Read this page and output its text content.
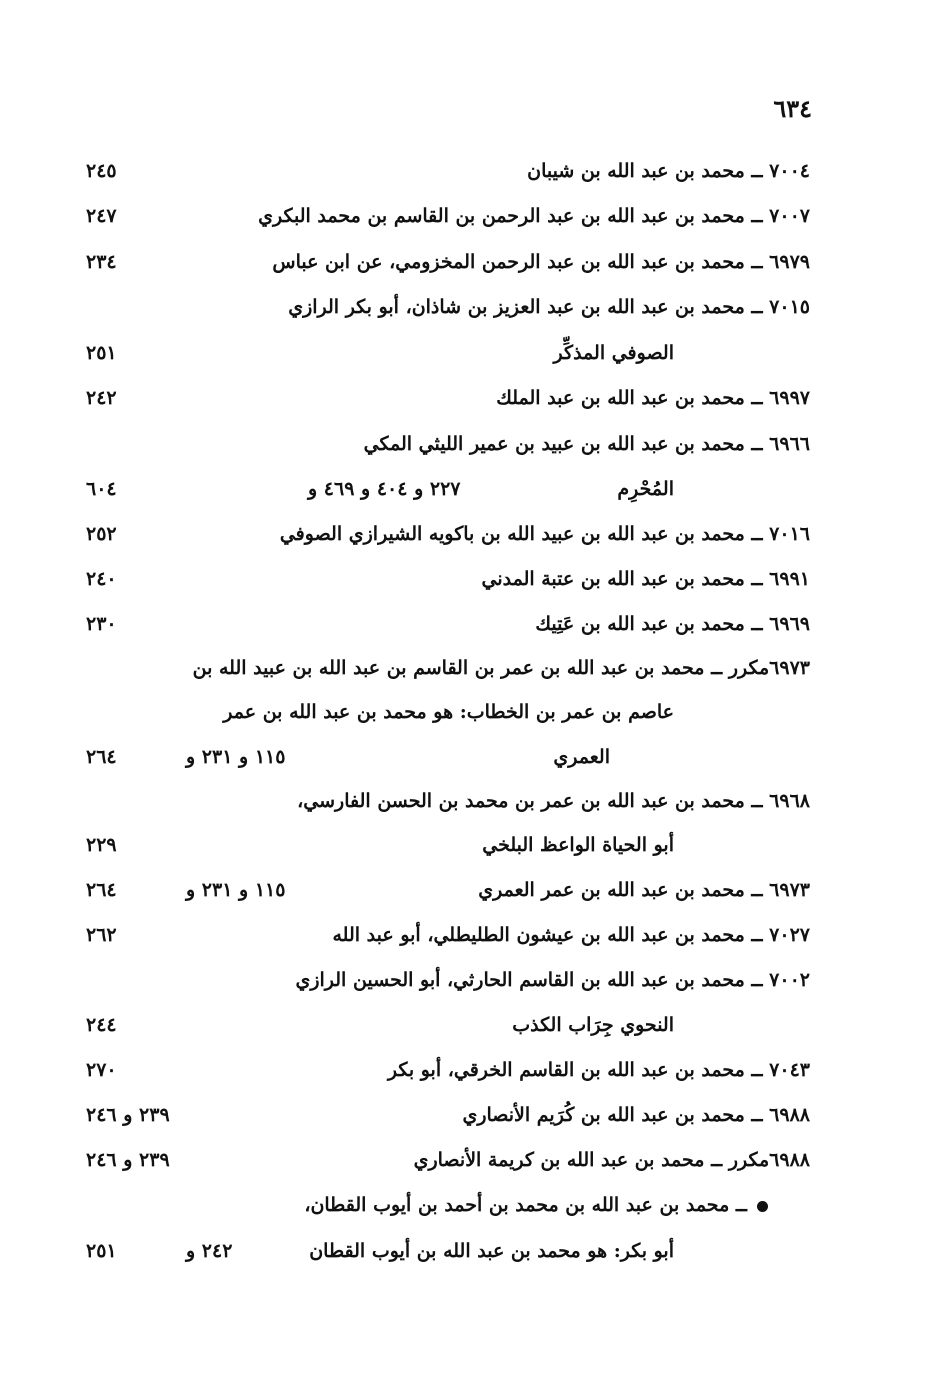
٦٣٤
٧٠٠٤ ــ محمد بن عبد الله بن شيبان
٢٤٥
٧٠٠٧ ــ محمد بن عبد الله بن عبد الرحمن بن القاسم بن محمد البكري
٢٤٧
٦٩٧٩ ــ محمد بن عبد الله بن عبد الرحمن المخزومي، عن ابن عباس
٢٣٤
٧٠١٥ ــ محمد بن عبد الله بن عبد العزيز بن شاذان، أبو بكر الرازي
الصوفي المذكِّر
٢٥١
٦٩٩٧ ــ محمد بن عبد الله بن عبد الملك
٢٤٢
٦٩٦٦ ــ محمد بن عبد الله بن عبيد بن عمير الليثي المكي
المُحْرِم
٢٢٧ و ٤٠٤ و ٤٦٩ و
٦٠٤
٧٠١٦ ــ محمد بن عبد الله بن عبيد الله بن باكويه الشيرازي الصوفي
٢٥٢
٦٩٩١ ــ محمد بن عبد الله بن عتبة المدني
٢٤٠
٦٩٦٩ ــ محمد بن عبد الله بن عَتِيك
٢٣٠
٦٩٧٣مكرر ــ محمد بن عبد الله بن عمر بن القاسم بن عبد الله بن عبيد الله بن
عاصم بن عمر بن الخطاب: هو محمد بن عبد الله بن عمر
العمري
١١٥ و ٢٣١ و
٢٦٤
٦٩٦٨ ــ محمد بن عبد الله بن عمر بن محمد بن الحسن الفارسي،
أبو الحياة الواعظ البلخي
٢٢٩
٦٩٧٣ ــ محمد بن عبد الله بن عمر العمري
١١٥ و ٢٣١ و
٢٦٤
٧٠٢٧ ــ محمد بن عبد الله بن عيشون الطليطلي، أبو عبد الله
٢٦٢
٧٠٠٢ ــ محمد بن عبد الله بن القاسم الحارثي، أبو الحسين الرازي
النحوي جِرَاب الكذب
٢٤٤
٧٠٤٣ ــ محمد بن عبد الله بن القاسم الخرقي، أبو بكر
٢٧٠
٦٩٨٨ ــ محمد بن عبد الله بن كُرَيم الأنصاري
٢٣٩ و ٢٤٦
٦٩٨٨مكرر ــ محمد بن عبد الله بن كريمة الأنصاري
٢٣٩ و ٢٤٦
ــ محمد بن عبد الله بن محمد بن أحمد بن أيوب القطان،
أبو بكر: هو محمد بن عبد الله بن أيوب القطان
٢٤٢ و
٢٥١
